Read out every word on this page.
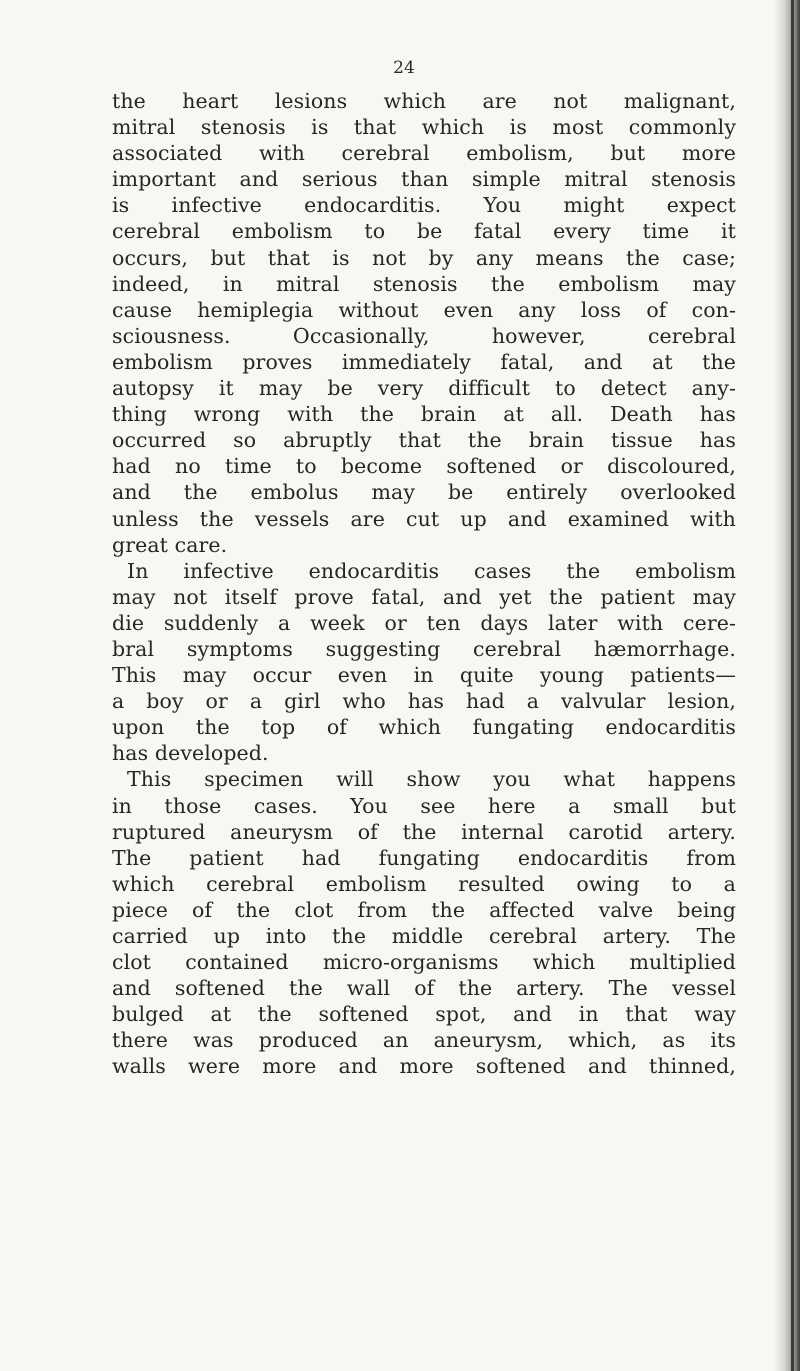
24
the heart lesions which are not malignant,
mitral stenosis is that which is most commonly
associated with cerebral embolism, but more
important and serious than simple mitral stenosis
is infective endocarditis. You might expect
cerebral embolism to be fatal every time it
occurs, but that is not by any means the case;
indeed, in mitral stenosis the embolism may
cause hemiplegia without even any loss of con-
sciousness. Occasionally, however, cerebral
embolism proves immediately fatal, and at the
autopsy it may be very difficult to detect any-
thing wrong with the brain at all. Death has
occurred so abruptly that the brain tissue has
had no time to become softened or discoloured,
and the embolus may be entirely overlooked
unless the vessels are cut up and examined with
great care.
In infective endocarditis cases the embolism
may not itself prove fatal, and yet the patient may
die suddenly a week or ten days later with cere-
bral symptoms suggesting cerebral hæmorrhage.
This may occur even in quite young patients—
a boy or a girl who has had a valvular lesion,
upon the top of which fungating endocarditis
has developed.
This specimen will show you what happens
in those cases. You see here a small but
ruptured aneurysm of the internal carotid artery.
The patient had fungating endocarditis from
which cerebral embolism resulted owing to a
piece of the clot from the affected valve being
carried up into the middle cerebral artery. The
clot contained micro-organisms which multiplied
and softened the wall of the artery. The vessel
bulged at the softened spot, and in that way
there was produced an aneurysm, which, as its
walls were more and more softened and thinned,
